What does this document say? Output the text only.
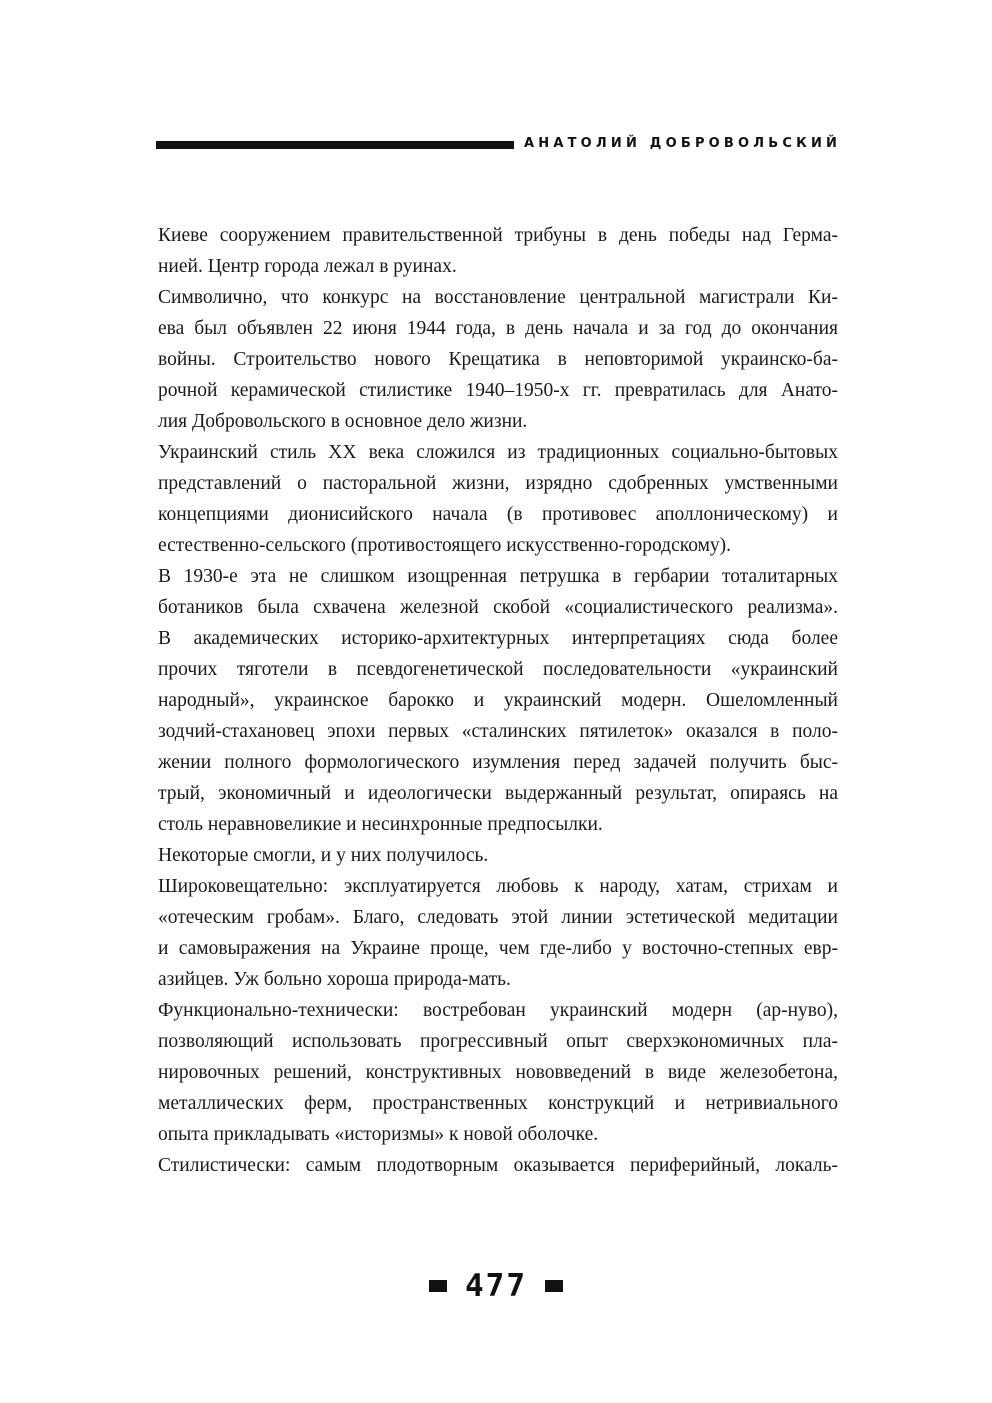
АНАТОЛИЙ ДОБРОВОЛЬСКИЙ
Киеве сооружением правительственной трибуны в день победы над Герма-
нией. Центр города лежал в руинах.
Символично, что конкурс на восстановление центральной магистрали Ки-
ева был объявлен 22 июня 1944 года, в день начала и за год до окончания
войны. Строительство нового Крещатика в неповторимой украинско-ба-
рочной керамической стилистике 1940–1950-х гг. превратилась для Анато-
лия Добровольского в основное дело жизни.
Украинский стиль XX века сложился из традиционных социально-бытовых
представлений о пасторальной жизни, изрядно сдобренных умственными
концепциями дионисийского начала (в противовес аполлоническому) и
естественно-сельского (противостоящего искусственно-городскому).
В 1930-е эта не слишком изощренная петрушка в гербарии тоталитарных
ботаников была схвачена железной скобой «социалистического реализма».
В академических историко-архитектурных интерпретациях сюда более
прочих тяготели в псевдогенетической последовательности «украинский
народный», украинское барокко и украинский модерн. Ошеломленный
зодчий-стахановец эпохи первых «сталинских пятилеток» оказался в поло-
жении полного формологического изумления перед задачей получить быс-
трый, экономичный и идеологически выдержанный результат, опираясь на
столь неравновеликие и несинхронные предпосылки.
Некоторые смогли, и у них получилось.
Широковещательно: эксплуатируется любовь к народу, хатам, стрихам и
«отеческим гробам». Благо, следовать этой линии эстетической медитации
и самовыражения на Украине проще, чем где-либо у восточно-степных евр-
азийцев. Уж больно хороша природа-мать.
Функционально-технически: востребован украинский модерн (ар-нуво),
позволяющий использовать прогрессивный опыт сверхэкономичных пла-
нировочных решений, конструктивных нововведений в виде железобетона,
металлических ферм, пространственных конструкций и нетривиального
опыта прикладывать «историзмы» к новой оболочке.
Стилистически: самым плодотворным оказывается периферийный, локаль-
477
